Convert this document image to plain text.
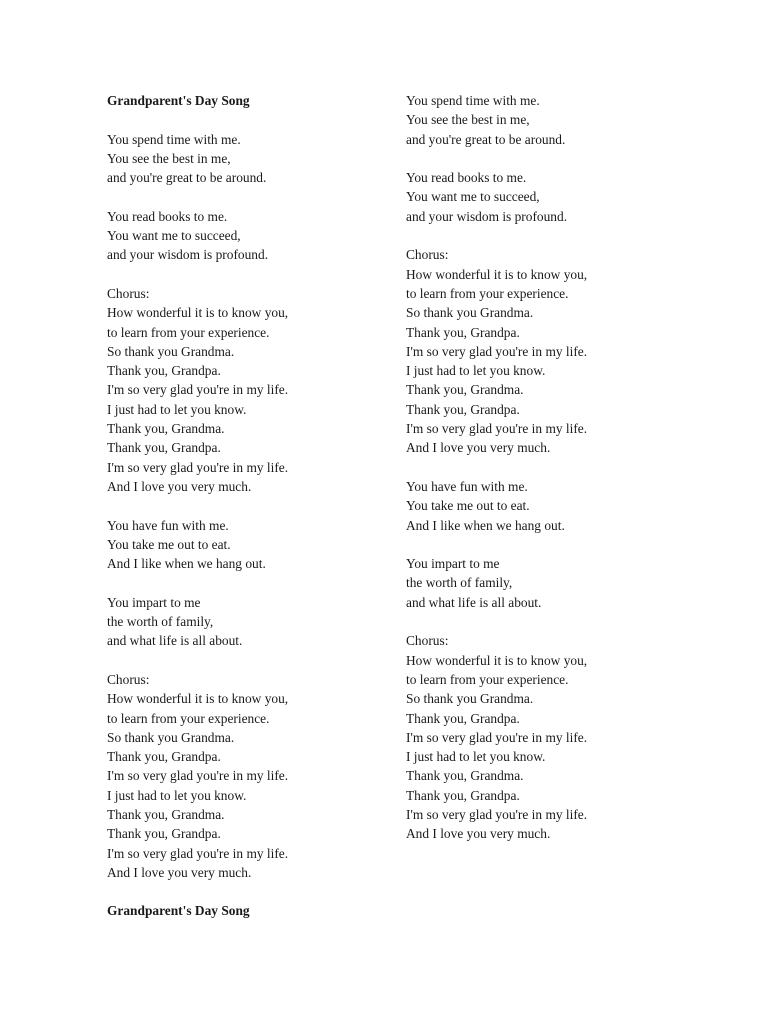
Grandparent's Day Song
You spend time with me.
You see the best in me,
and you're great to be around.
You read books to me.
You want me to succeed,
and your wisdom is profound.
Chorus:
How wonderful it is to know you,
to learn from your experience.
So thank you Grandma.
Thank you, Grandpa.
I'm so very glad you're in my life.
I just had to let you know.
Thank you, Grandma.
Thank you, Grandpa.
I'm so very glad you're in my life.
And I love you very much.
You have fun with me.
You take me out to eat.
And I like when we hang out.
You impart to me
the worth of family,
and what life is all about.
Chorus:
How wonderful it is to know you,
to learn from your experience.
So thank you Grandma.
Thank you, Grandpa.
I'm so very glad you're in my life.
I just had to let you know.
Thank you, Grandma.
Thank you, Grandpa.
I'm so very glad you're in my life.
And I love you very much.
Grandparent's Day Song
You spend time with me.
You see the best in me,
and you're great to be around.
You read books to me.
You want me to succeed,
and your wisdom is profound.
Chorus:
How wonderful it is to know you,
to learn from your experience.
So thank you Grandma.
Thank you, Grandpa.
I'm so very glad you're in my life.
I just had to let you know.
Thank you, Grandma.
Thank you, Grandpa.
I'm so very glad you're in my life.
And I love you very much.
You have fun with me.
You take me out to eat.
And I like when we hang out.
You impart to me
the worth of family,
and what life is all about.
Chorus:
How wonderful it is to know you,
to learn from your experience.
So thank you Grandma.
Thank you, Grandpa.
I'm so very glad you're in my life.
I just had to let you know.
Thank you, Grandma.
Thank you, Grandpa.
I'm so very glad you're in my life.
And I love you very much.
